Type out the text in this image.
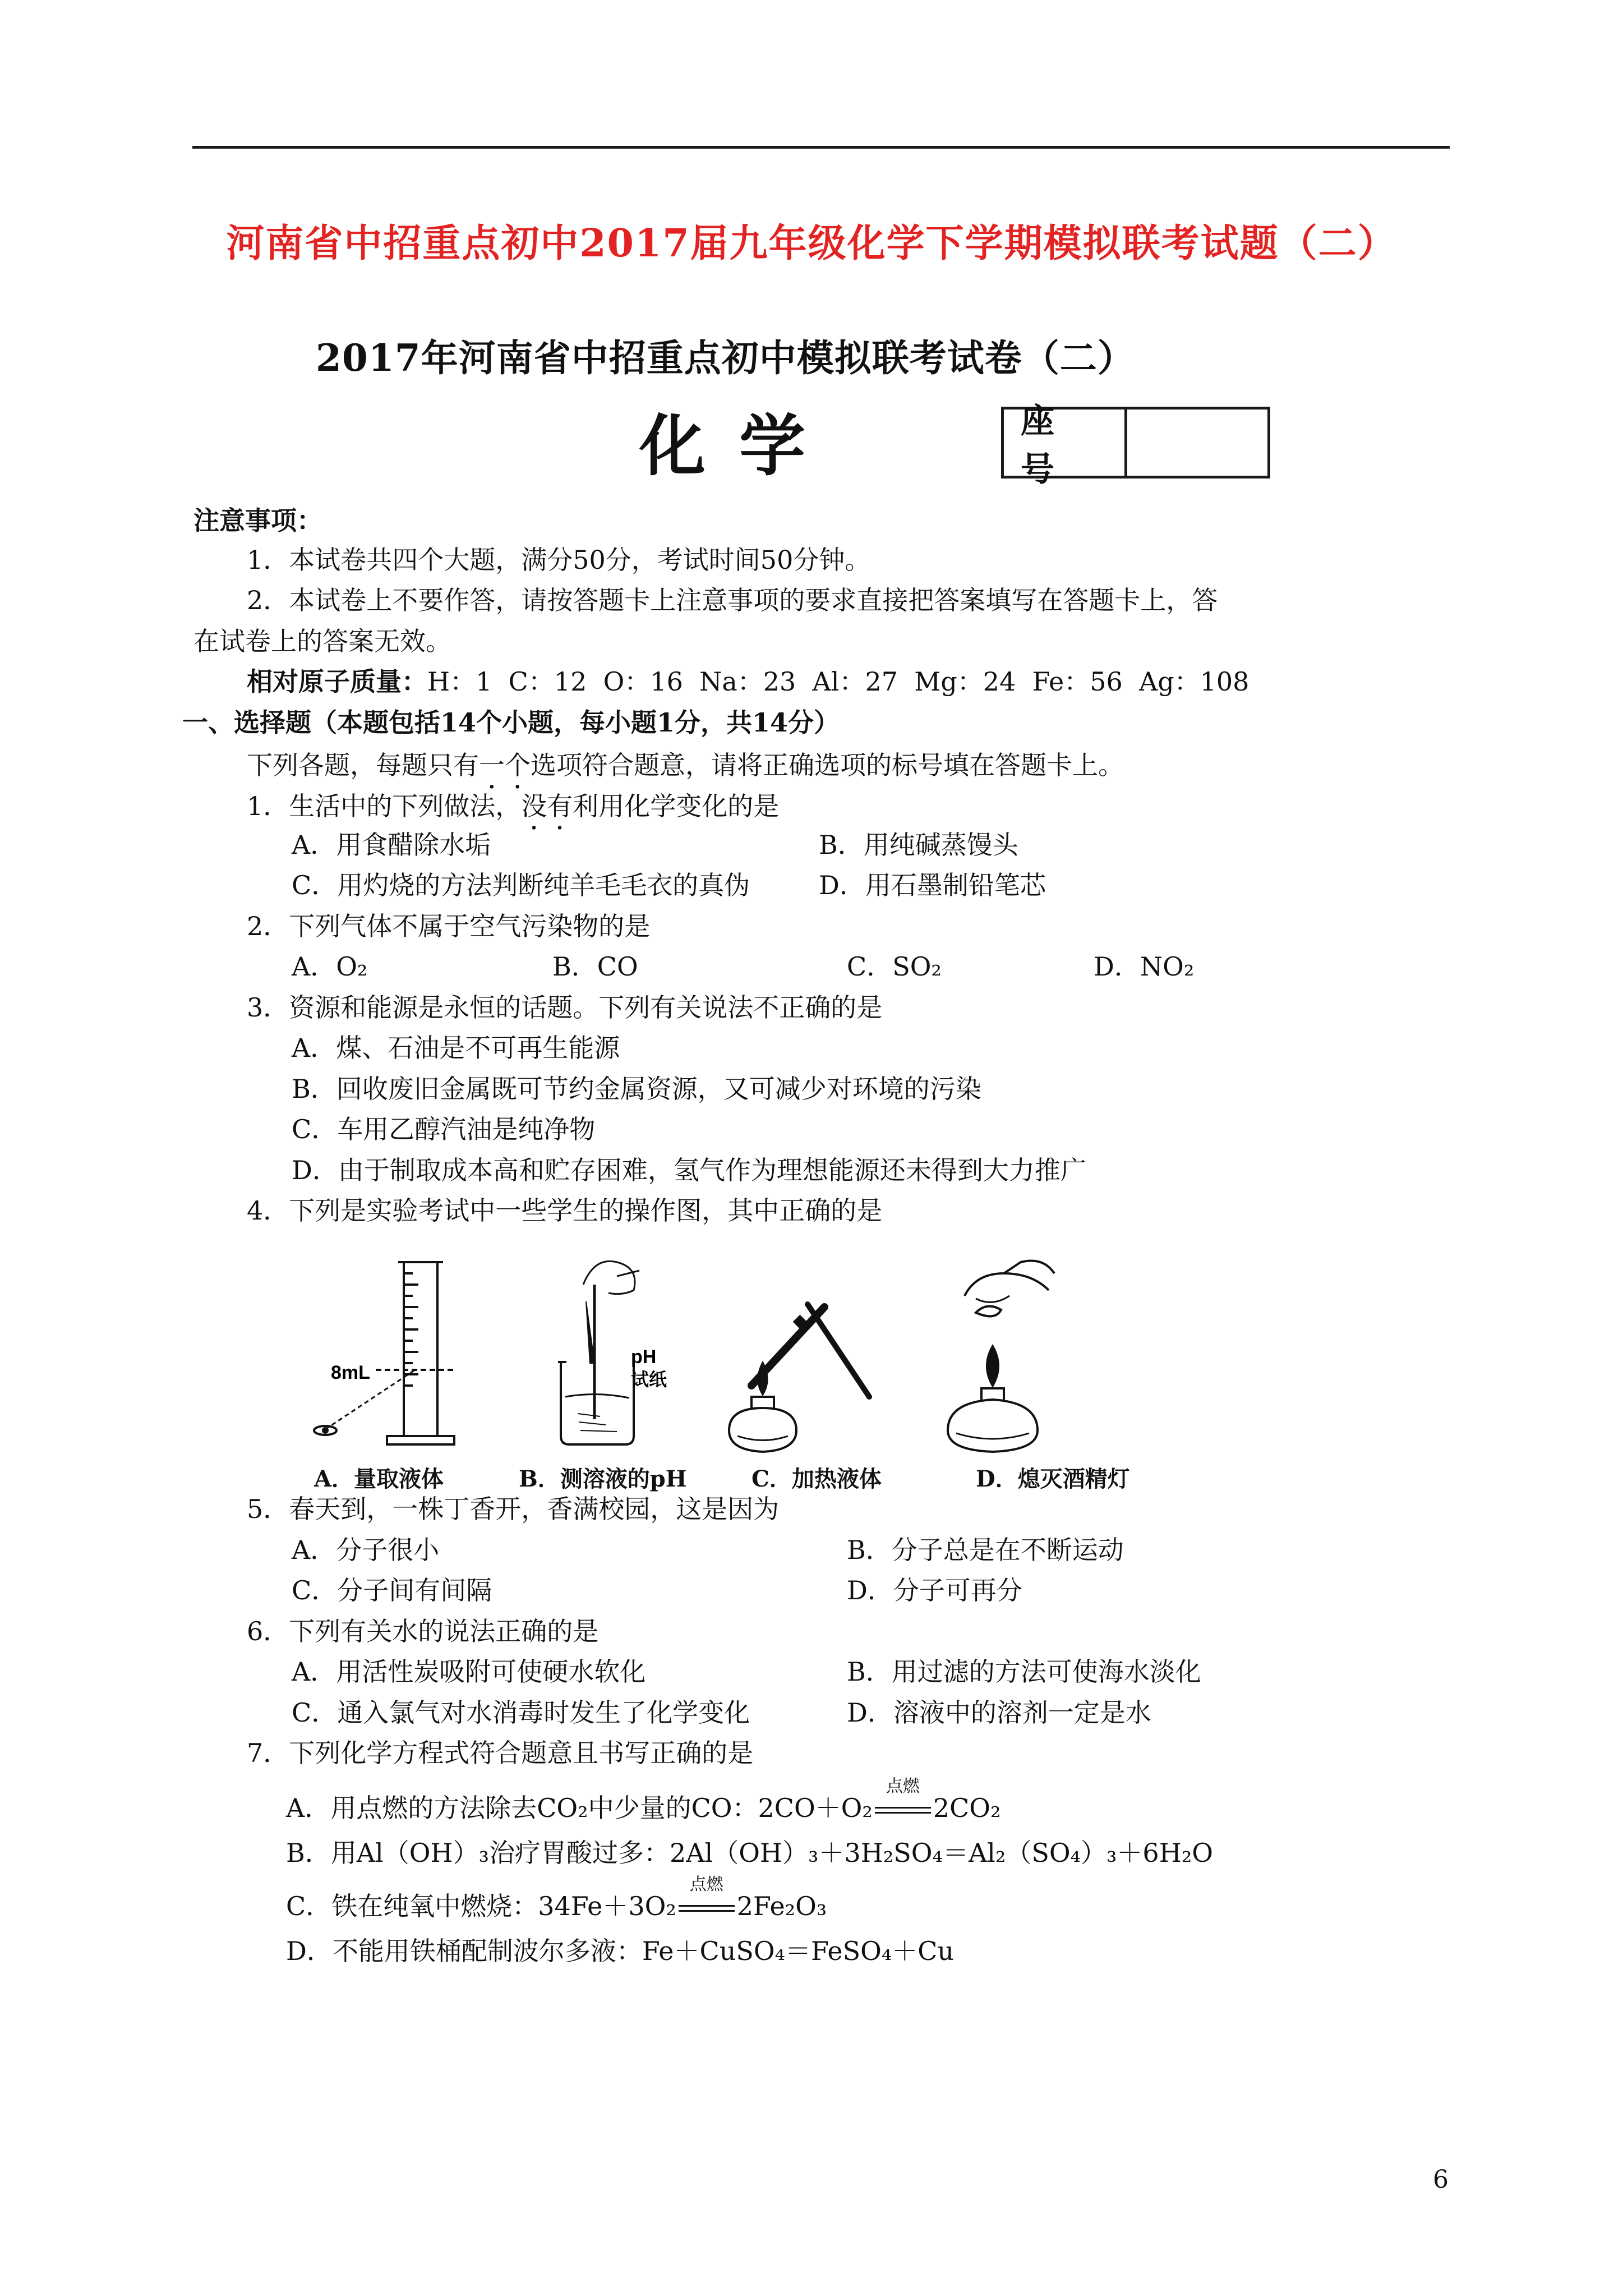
河南省中招重点初中2017届九年级化学下学期模拟联考试题（二）
2017年河南省中招重点初中模拟联考试卷（二）
化学	座号
注意事项：
1．本试卷共四个大题，满分50分，考试时间50分钟。
2．本试卷上不要作答，请按答题卡上注意事项的要求直接把答案填写在答题卡上，答
在试卷上的答案无效。
相对原子质量：H：1  C：12  O：16  Na：23  Al：27  Mg：24  Fe：56  Ag：108
一、选择题（本题包括14个小题，每小题1分，共14分）
下列各题，每题只有一个选项符合题意，请将正确选项的标号填在答题卡上。
1．生活中的下列做法，没有利用化学变化的是
A．用食醋除水垢	B．用纯碱蒸馒头
C．用灼烧的方法判断纯羊毛毛衣的真伪	D．用石墨制铅笔芯
2．下列气体不属于空气污染物的是
A．O₂	B．CO	C．SO₂	D．NO₂
3．资源和能源是永恒的话题。下列有关说法不正确的是
A．煤、石油是不可再生能源
B．回收废旧金属既可节约金属资源，又可减少对环境的污染
C．车用乙醇汽油是纯净物
D．由于制取成本高和贮存困难，氢气作为理想能源还未得到大力推广
4．下列是实验考试中一些学生的操作图，其中正确的是
8mL
pH
试纸
A．量取液体	B．测溶液的pH	C．加热液体	D．熄灭酒精灯
5．春天到，一株丁香开，香满校园，这是因为
A．分子很小	B．分子总是在不断运动
C．分子间有间隔	D．分子可再分
6．下列有关水的说法正确的是
A．用活性炭吸附可使硬水软化	B．用过滤的方法可使海水淡化
C．通入氯气对水消毒时发生了化学变化	D．溶液中的溶剂一定是水
7．下列化学方程式符合题意且书写正确的是
A．用点燃的方法除去CO₂中少量的CO：2CO＋O₂
点燃
2CO₂
B．用Al（OH）₃治疗胃酸过多：2Al（OH）₃＋3H₂SO₄＝Al₂（SO₄）₃＋6H₂O
C．铁在纯氧中燃烧：34Fe＋3O₂
点燃
2Fe₂O₃
D．不能用铁桶配制波尔多液：Fe＋CuSO₄＝FeSO₄＋Cu
6
